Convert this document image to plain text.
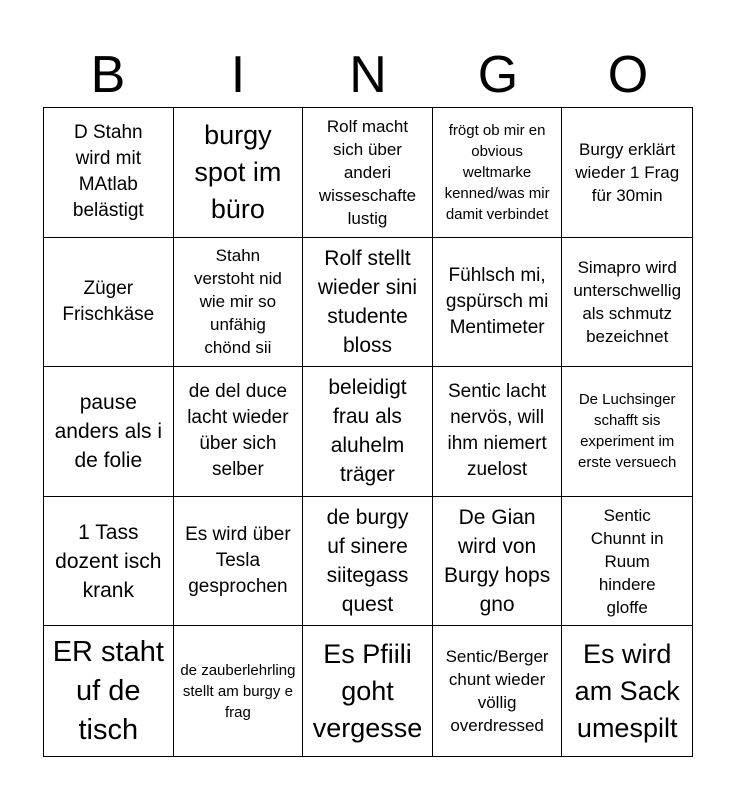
B	I	N	G	O
D Stahn wird mit MAtlab belästigt
burgy spot im büro
Rolf macht sich über anderi wisseschafte lustig
frögt ob mir en obvious weltmarke kenned/was mir damit verbindet
Burgy erklärt wieder 1 Frag für 30min
Züger Frischkäse
Stahn verstoht nid wie mir so unfähig chönd sii
Rolf stellt wieder sini studente bloss
Fühlsch mi, gspürsch mi Mentimeter
Simapro wird unterschwellig als schmutz bezeichnet
pause anders als i de folie
de del duce lacht wieder über sich selber
beleidigt frau als aluhelm träger
Sentic lacht nervös, will ihm niemert zuelost
De Luchsinger schafft sis experiment im erste versuech
1 Tass dozent isch krank
Es wird über Tesla gesprochen
de burgy uf sinere siitegass quest
De Gian wird von Burgy hops gno
Sentic Chunnt in Ruum hindere gloffe
ER staht uf de tisch
de zauberlehrling stellt am burgy e frag
Es Pfiili goht vergesse
Sentic/Berger chunt wieder völlig overdressed
Es wird am Sack umespilt
